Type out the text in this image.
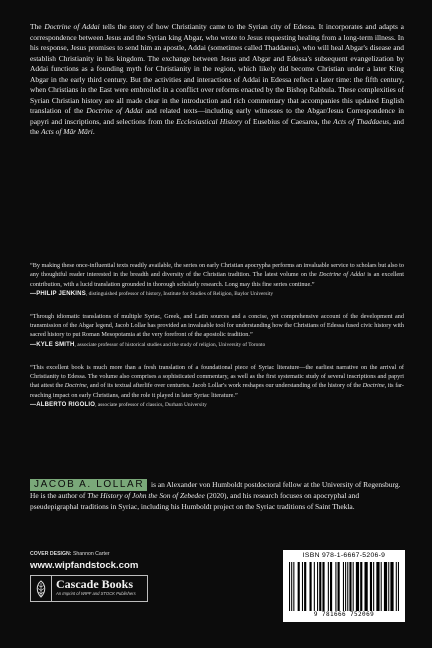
The Doctrine of Addai tells the story of how Christianity came to the Syrian city of Edessa. It incorporates and adapts a correspondence between Jesus and the Syrian king Abgar, who wrote to Jesus requesting healing from a long-term illness. In his response, Jesus promises to send him an apostle, Addai (sometimes called Thaddaeus), who will heal Abgar's disease and establish Christianity in his kingdom. The exchange between Jesus and Abgar and Edessa's subsequent evangelization by Addai functions as a founding myth for Christianity in the region, which likely did become Christian under a later King Abgar in the early third century. But the activities and interactions of Addai in Edessa reflect a later time: the fifth century, when Christians in the East were embroiled in a conflict over reforms enacted by the Bishop Rabbula. These complexities of Syrian Christian history are all made clear in the introduction and rich commentary that accompanies this updated English translation of the Doctrine of Addai and related texts—including early witnesses to the Abgar/Jesus Correspondence in papyri and inscriptions, and selections from the Ecclesiastical History of Eusebius of Caesarea, the Acts of Thaddaeus, and the Acts of Mār Māri.

“By making these once-influential texts readily available, the series on early Christian apocrypha performs an invaluable service to scholars but also to any thoughtful reader interested in the breadth and diversity of the Christian tradition. The latest volume on the Doctrine of Addai is an excellent contribution, with a lucid translation grounded in thorough scholarly research. Long may this fine series continue.”

—PHILIP JENKINS, distinguished professor of history, Institute for Studies of Religion, Baylor University

“Through idiomatic translations of multiple Syriac, Greek, and Latin sources and a concise, yet comprehensive account of the development and transmission of the Abgar legend, Jacob Lollar has provided an invaluable tool for understanding how the Christians of Edessa fused civic history with sacred history to put Roman Mesopotamia at the very forefront of the apostolic tradition.”

—KYLE SMITH, associate professor of historical studies and the study of religion, University of Toronto

“This excellent book is much more than a fresh translation of a foundational piece of Syriac literature—the earliest narrative on the arrival of Christianity to Edessa. The volume also comprises a sophisticated commentary, as well as the first systematic study of several inscriptions and papyri that attest the Doctrine, and of its textual afterlife over centuries. Jacob Lollar's work reshapes our understanding of the history of the Doctrine, its far-reaching impact on early Christians, and the role it played in later Syriac literature.”

—ALBERTO RIGOLIO, associate professor of classics, Durham University

JACOB A. LOLLAR is an Alexander von Humboldt postdoctoral fellow at the University of Regensburg. He is the author of The History of John the Son of Zebedee (2020), and his research focuses on apocryphal and pseudepigraphal traditions in Syriac, including his Humboldt project on the Syriac traditions of Saint Thekla.
COVER DESIGN: Shannon Carter
www.wipfandstock.com
Cascade Books
An Imprint of WIPF and STOCK Publishers
ISBN 978-1-6667-5206-9
9 781666 752069
